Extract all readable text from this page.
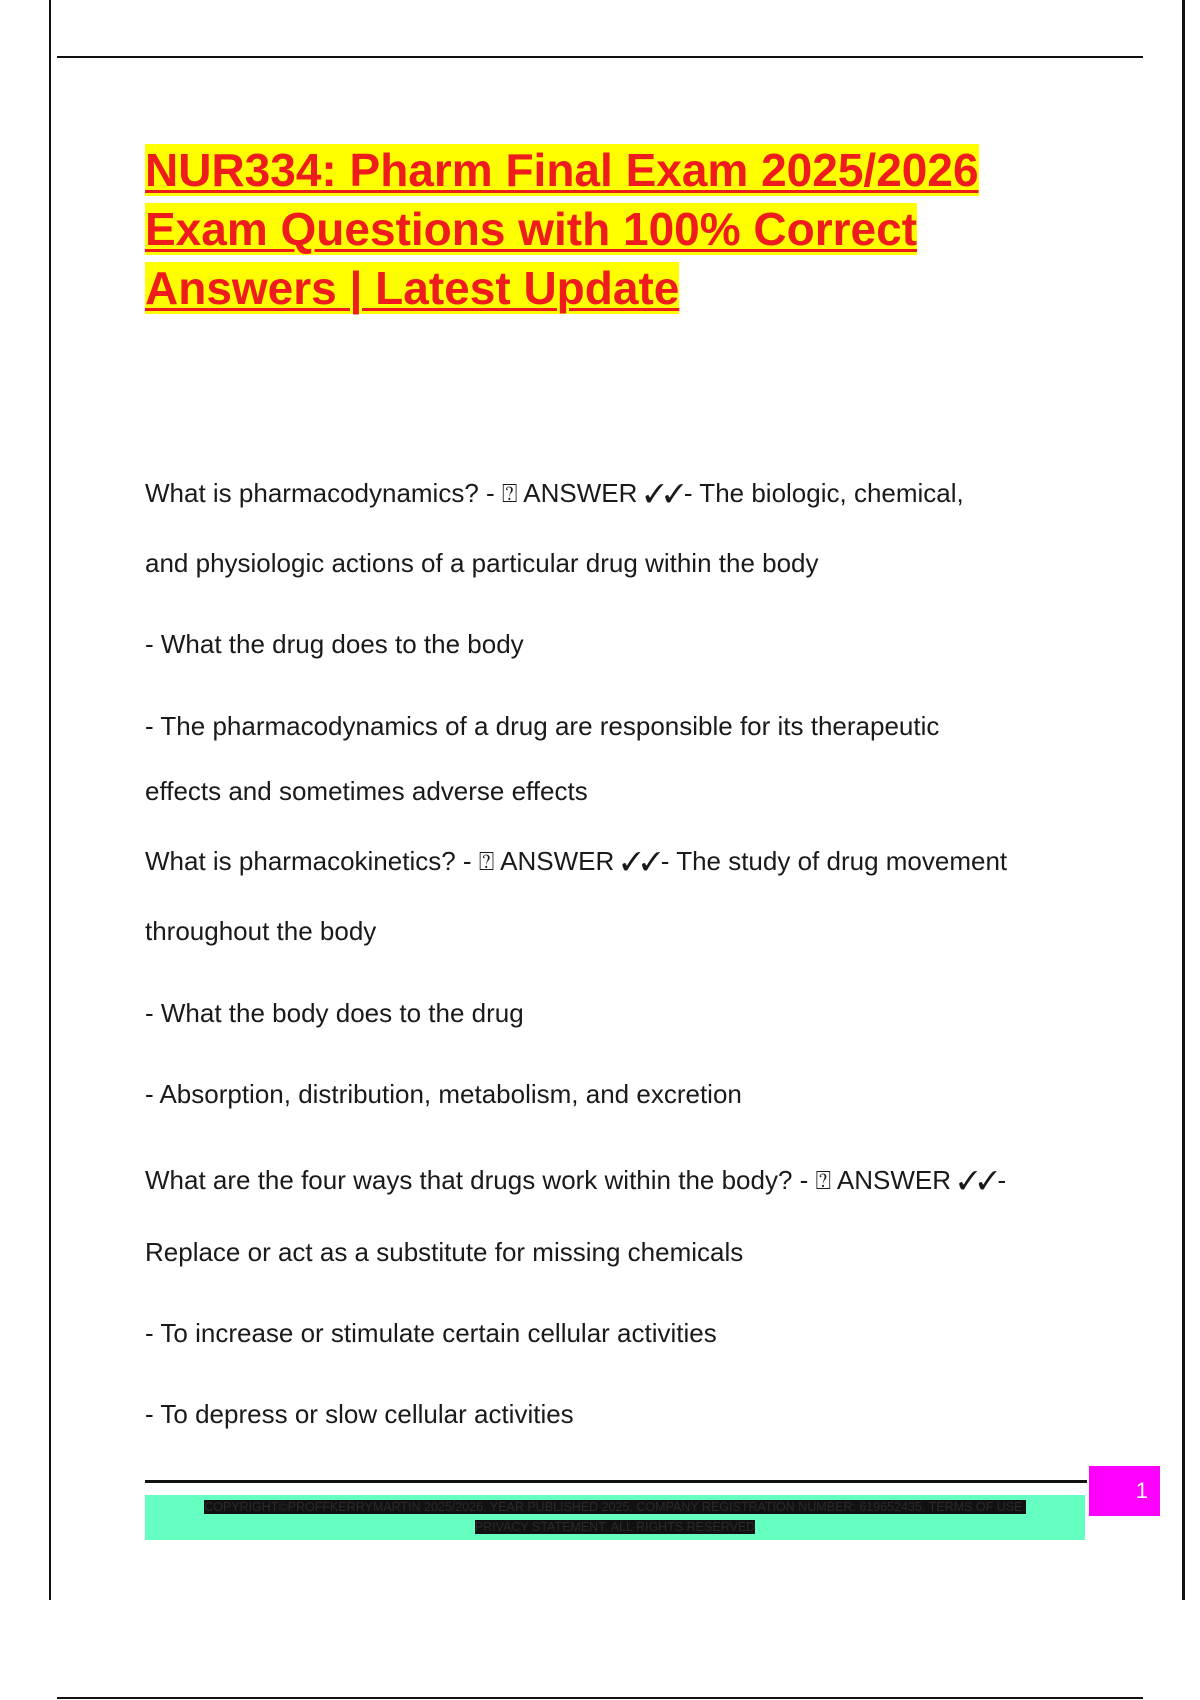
NUR334: Pharm Final Exam 2025/2026
Exam Questions with 100% Correct
Answers | Latest Update
What is pharmacodynamics? - ⍰ ANSWER ✓✓- The biologic, chemical,
and physiologic actions of a particular drug within the body
- What the drug does to the body
- The pharmacodynamics of a drug are responsible for its therapeutic
effects and sometimes adverse effects
What is pharmacokinetics? - ⍰ ANSWER ✓✓- The study of drug movement
throughout the body
- What the body does to the drug
- Absorption, distribution, metabolism, and excretion
What are the four ways that drugs work within the body? - ⍰ ANSWER ✓✓-
Replace or act as a substitute for missing chemicals
- To increase or stimulate certain cellular activities
- To depress or slow cellular activities
COPYRIGHT©PROFFKERRYMARTIN 2025/2026. YEAR PUBLISHED 2025. COMPANY REGISTRATION NUMBER: 619652435. TERMS OF USE.
PRIVACY STATEMENT. ALL RIGHTS RESERVED
1
